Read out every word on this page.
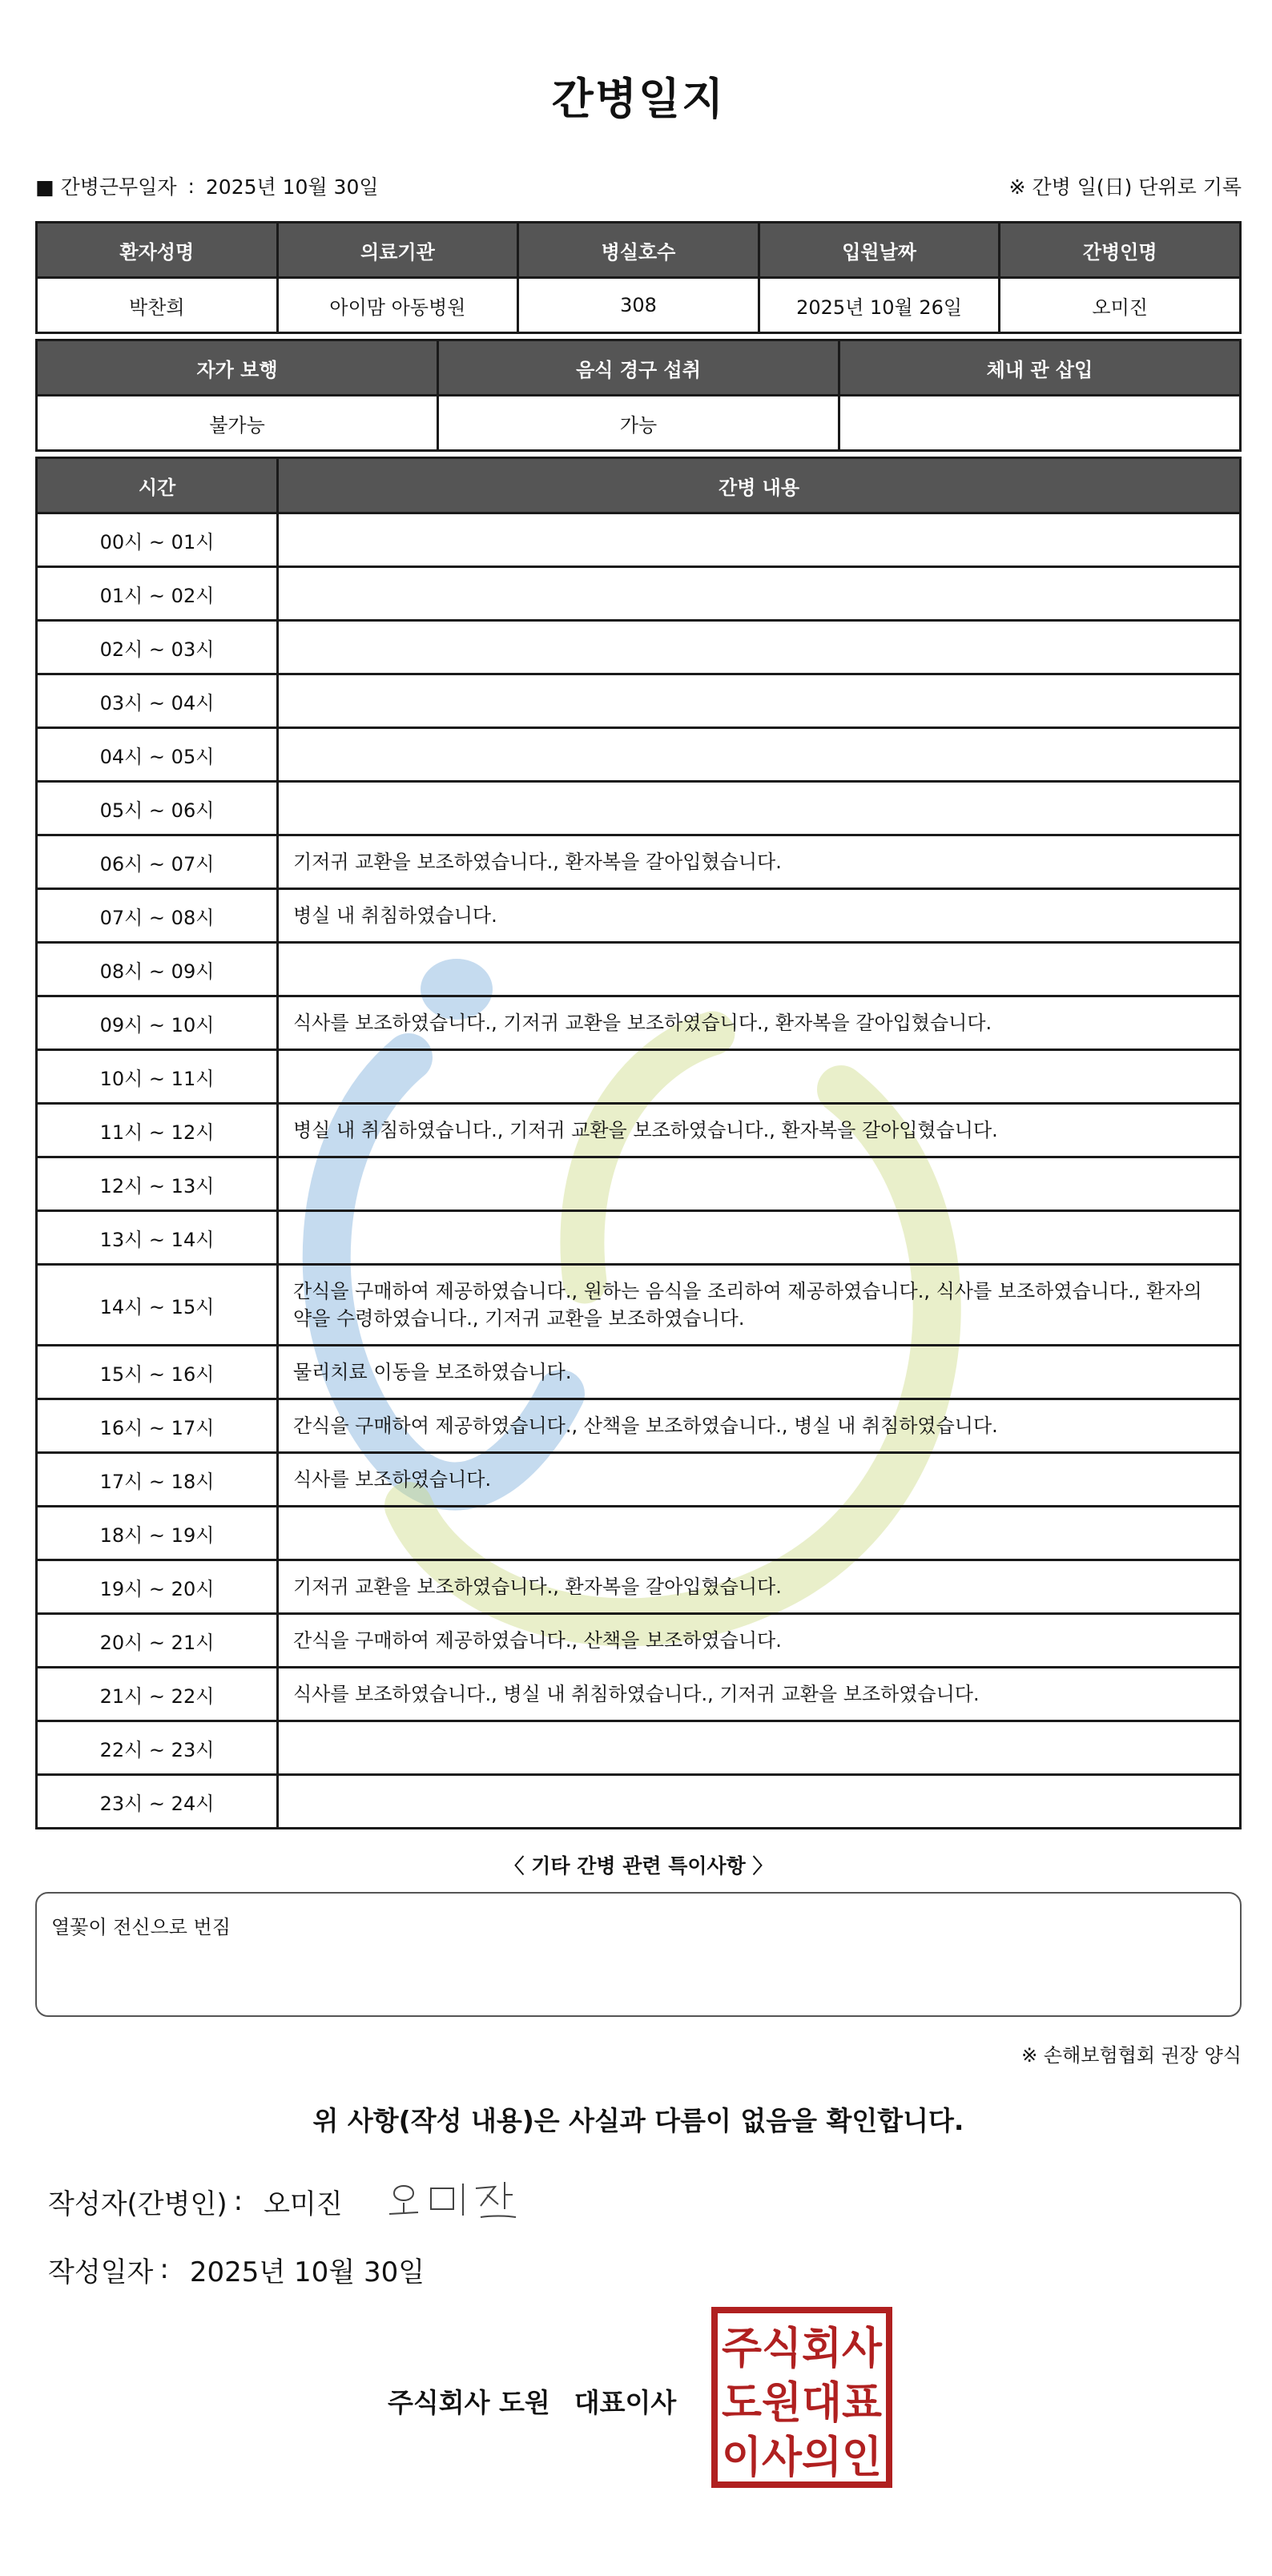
간병일지
■ 간병근무일자 : 2025년 10월 30일	※ 간병 일(日) 단위로 기록
환자성명	의료기관	병실호수	입원날짜	간병인명
박찬희	아이맘 아동병원	308	2025년 10월 26일	오미진
자가 보행	음식 경구 섭취	체내 관 삽입
불가능	가능	
시간	간병 내용
00시 ~ 01시	
01시 ~ 02시	
02시 ~ 03시	
03시 ~ 04시	
04시 ~ 05시	
05시 ~ 06시	
06시 ~ 07시	기저귀 교환을 보조하였습니다., 환자복을 갈아입혔습니다.
07시 ~ 08시	병실 내 취침하였습니다.
08시 ~ 09시	
09시 ~ 10시	식사를 보조하였습니다., 기저귀 교환을 보조하였습니다., 환자복을 갈아입혔습니다.
10시 ~ 11시	
11시 ~ 12시	병실 내 취침하였습니다., 기저귀 교환을 보조하였습니다., 환자복을 갈아입혔습니다.
12시 ~ 13시	
13시 ~ 14시	
14시 ~ 15시	간식을 구매하여 제공하였습니다., 원하는 음식을 조리하여 제공하였습니다., 식사를 보조하였습니다., 환자의 약을 수령하였습니다., 기저귀 교환을 보조하였습니다.
15시 ~ 16시	물리치료 이동을 보조하였습니다.
16시 ~ 17시	간식을 구매하여 제공하였습니다., 산책을 보조하였습니다., 병실 내 취침하였습니다.
17시 ~ 18시	식사를 보조하였습니다.
18시 ~ 19시	
19시 ~ 20시	기저귀 교환을 보조하였습니다., 환자복을 갈아입혔습니다.
20시 ~ 21시	간식을 구매하여 제공하였습니다., 산책을 보조하였습니다.
21시 ~ 22시	식사를 보조하였습니다., 병실 내 취침하였습니다., 기저귀 교환을 보조하였습니다.
22시 ~ 23시	
23시 ~ 24시	
〈 기타 간병 관련 특이사항 〉
열꽃이 전신으로 번짐
※ 손해보험협회 권장 양식
위 사항(작성 내용)은 사실과 다름이 없음을 확인합니다.
작성자(간병인) : 오미진
작성일자 : 2025년 10월 30일
주식회사 도원 대표이사
주식회사
도원대표
이사의인
